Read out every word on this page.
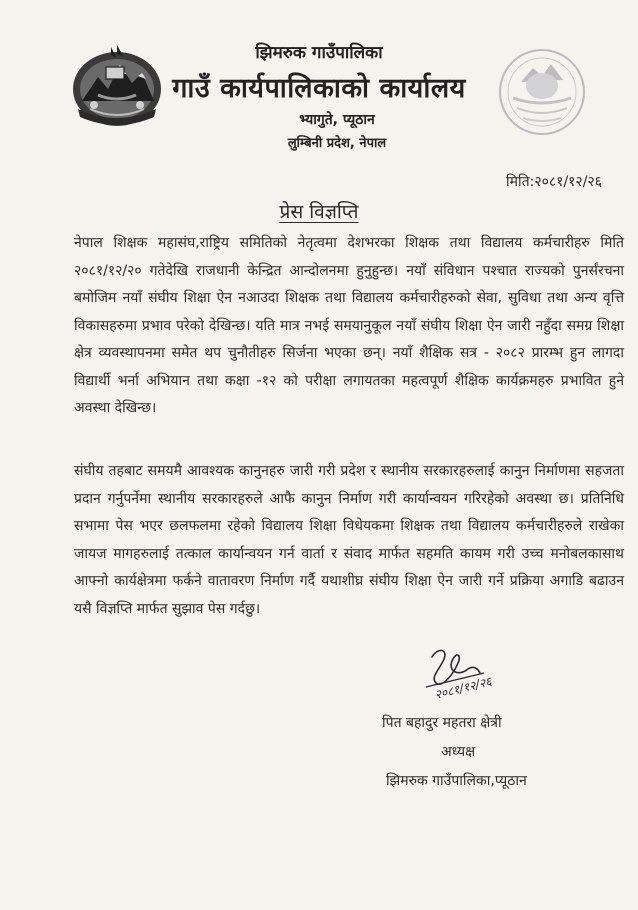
झिमरुक गाउँपालिका
गाउँ कार्यपालिकाको कार्यालय
भ्यागुते, प्यूठान
लुम्बिनी प्रदेश, नेपाल
मिति:२०८१/१२/२६
प्रेस विज्ञप्ति
नेपाल शिक्षक महासंघ,राष्ट्रिय समितिको नेतृत्वमा देशभरका शिक्षक तथा विद्यालय कर्मचारीहरु मिति २०८१/१२/२० गतेदेखि राजधानी केन्द्रित आन्दोलनमा हुनुहुन्छ। नयाँ संविधान पश्चात राज्यको पुनर्संरचना बमोजिम नयाँ संघीय शिक्षा ऐन नआउदा शिक्षक तथा विद्यालय कर्मचारीहरुको सेवा, सुविधा तथा अन्य वृत्ति विकासहरुमा प्रभाव परेको देखिन्छ। यति मात्र नभई समयानुकूल नयाँ संघीय शिक्षा ऐन जारी नहुँदा समग्र शिक्षा क्षेत्र व्यवस्थापनमा समेत थप चुनौतीहरु सिर्जना भएका छन्। नयाँ शैक्षिक सत्र - २०८२ प्रारम्भ हुन लागदा विद्यार्थी भर्ना अभियान तथा कक्षा -१२ को परीक्षा लगायतका महत्वपूर्ण शैक्षिक कार्यक्रमहरु प्रभावित हुने अवस्था देखिन्छ।
संघीय तहबाट समयमै आवश्यक कानुनहरु जारी गरी प्रदेश र स्थानीय सरकारहरुलाई कानुन निर्माणमा सहजता प्रदान गर्नुपर्नेमा स्थानीय सरकारहरुले आफै कानुन निर्माण गरी कार्यान्वयन गरिरहेको अवस्था छ। प्रतिनिधि सभामा पेस भएर छलफलमा रहेको विद्यालय शिक्षा विधेयकमा शिक्षक तथा विद्यालय कर्मचारीहरुले राखेका जायज मागहरुलाई तत्काल कार्यान्वयन गर्न वार्ता र संवाद मार्फत सहमति कायम गरी उच्च मनोबलकासाथ आफ्नो कार्यक्षेत्रमा फर्कने वातावरण निर्माण गर्दै यथाशीघ्र संघीय शिक्षा ऐन जारी गर्ने प्रक्रिया अगाडि बढाउन यसै विज्ञप्ति मार्फत सुझाव पेस गर्दछु।
२०८१/१२/२६
पित बहादुर महतरा क्षेत्री
अध्यक्ष
झिमरुक गाउँपालिका,प्यूठान
